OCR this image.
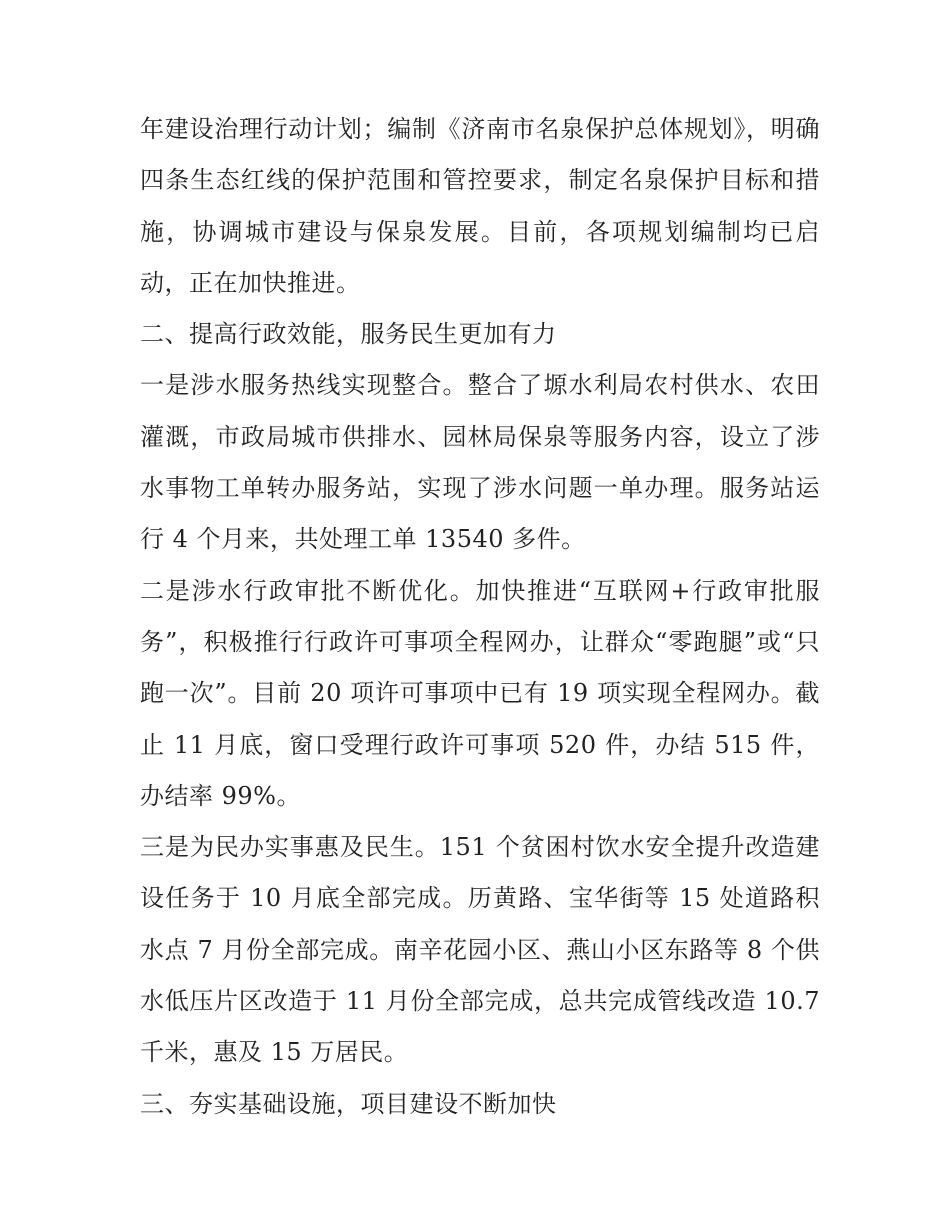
年建设治理行动计划；编制《济南市名泉保护总体规划》，明确四条生态红线的保护范围和管控要求，制定名泉保护目标和措施，协调城市建设与保泉发展。目前，各项规划编制均已启动，正在加快推进。

二、提高行政效能，服务民生更加有力

一是涉水服务热线实现整合。整合了塬水利局农村供水、农田灌溉，市政局城市供排水、园林局保泉等服务内容，设立了涉水事物工单转办服务站，实现了涉水问题一单办理。服务站运行 4 个月来，共处理工单 13540 多件。

二是涉水行政审批不断优化。加快推进“互联网+行政审批服务”，积极推行行政许可事项全程网办，让群众“零跑腿”或“只跑一次”。目前 20 项许可事项中已有 19 项实现全程网办。截止 11 月底，窗口受理行政许可事项 520 件，办结 515 件，办结率 99%。

三是为民办实事惠及民生。151 个贫困村饮水安全提升改造建设任务于 10 月底全部完成。历黄路、宝华街等 15 处道路积水点 7 月份全部完成。南辛花园小区、燕山小区东路等 8 个供水低压片区改造于 11 月份全部完成，总共完成管线改造 10.7 千米，惠及 15 万居民。

三、夯实基础设施，项目建设不断加快
